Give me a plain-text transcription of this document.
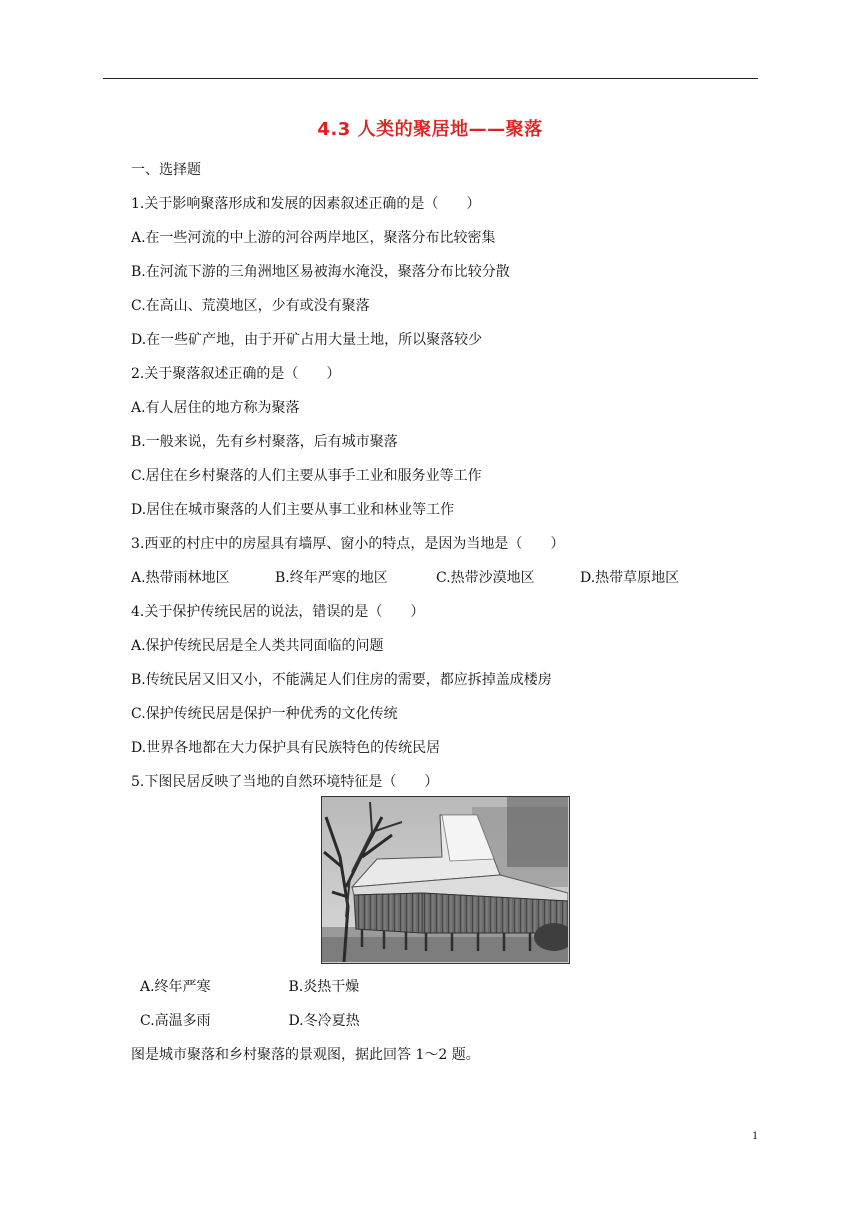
4.3 人类的聚居地——聚落
一、选择题
1.关于影响聚落形成和发展的因素叙述正确的是（　　）
A.在一些河流的中上游的河谷两岸地区，聚落分布比较密集
B.在河流下游的三角洲地区易被海水淹没，聚落分布比较分散
C.在高山、荒漠地区，少有或没有聚落
D.在一些矿产地，由于开矿占用大量土地，所以聚落较少
2.关于聚落叙述正确的是（　　）
A.有人居住的地方称为聚落
B.一般来说，先有乡村聚落，后有城市聚落
C.居住在乡村聚落的人们主要从事手工业和服务业等工作
D.居住在城市聚落的人们主要从事工业和林业等工作
3.西亚的村庄中的房屋具有墙厚、窗小的特点，是因为当地是（　　）
A.热带雨林地区	B.终年严寒的地区	C.热带沙漠地区	D.热带草原地区
4.关于保护传统民居的说法，错误的是（　　）
A.保护传统民居是全人类共同面临的问题
B.传统民居又旧又小，不能满足人们住房的需要，都应拆掉盖成楼房
C.保护传统民居是保护一种优秀的文化传统
D.世界各地都在大力保护具有民族特色的传统民居
5.下图民居反映了当地的自然环境特征是（　　）
A.终年严寒	B.炎热干燥
C.高温多雨	D.冬冷夏热
图是城市聚落和乡村聚落的景观图，据此回答 1～2 题。
1
